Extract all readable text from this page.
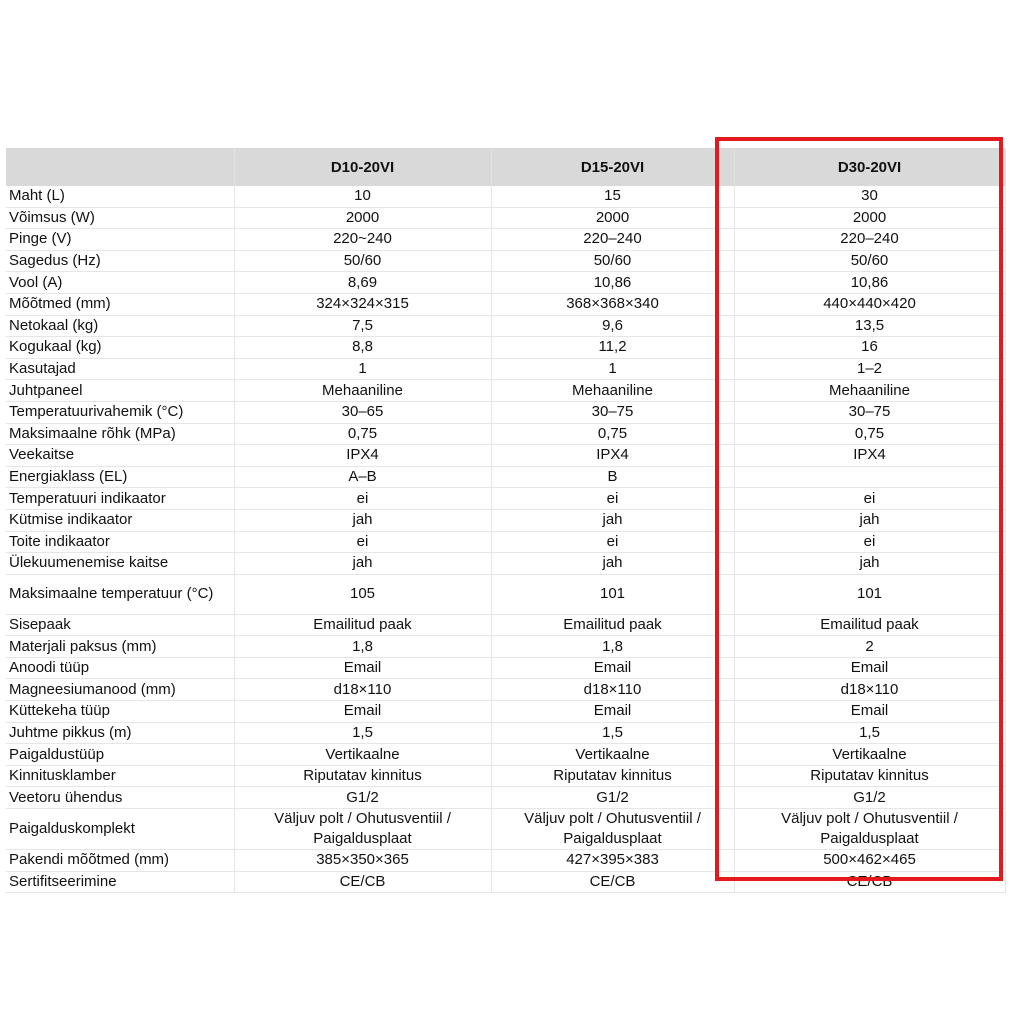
	D10-20VI	D15-20VI	D30-20VI
Maht (L)	10	15	30
Võimsus (W)	2000	2000	2000
Pinge (V)	220~240	220–240	220–240
Sagedus (Hz)	50/60	50/60	50/60
Vool (A)	8,69	10,86	10,86
Mõõtmed (mm)	324×324×315	368×368×340	440×440×420
Netokaal (kg)	7,5	9,6	13,5
Kogukaal (kg)	8,8	11,2	16
Kasutajad	1	1	1–2
Juhtpaneel	Mehaaniline	Mehaaniline	Mehaaniline
Temperatuurivahemik (°C)	30–65	30–75	30–75
Maksimaalne rõhk (MPa)	0,75	0,75	0,75
Veekaitse	IPX4	IPX4	IPX4
Energiaklass (EL)	A–B	B	
Temperatuuri indikaator	ei	ei	ei
Kütmise indikaator	jah	jah	jah
Toite indikaator	ei	ei	ei
Ülekuumenemise kaitse	jah	jah	jah
Maksimaalne temperatuur (°C)	105	101	101
Sisepaak	Emailitud paak	Emailitud paak	Emailitud paak
Materjali paksus (mm)	1,8	1,8	2
Anoodi tüüp	Email	Email	Email
Magneesiumanood (mm)	d18×110	d18×110	d18×110
Küttekeha tüüp	Email	Email	Email
Juhtme pikkus (m)	1,5	1,5	1,5
Paigaldustüüp	Vertikaalne	Vertikaalne	Vertikaalne
Kinnitusklamber	Riputatav kinnitus	Riputatav kinnitus	Riputatav kinnitus
Veetoru ühendus	G1/2	G1/2	G1/2
Paigalduskomplekt	Väljuv polt / Ohutusventiil / Paigaldusplaat	Väljuv polt / Ohutusventiil / Paigaldusplaat	Väljuv polt / Ohutusventiil / Paigaldusplaat
Pakendi mõõtmed (mm)	385×350×365	427×395×383	500×462×465
Sertifitseerimine	CE/CB	CE/CB	CE/CB
